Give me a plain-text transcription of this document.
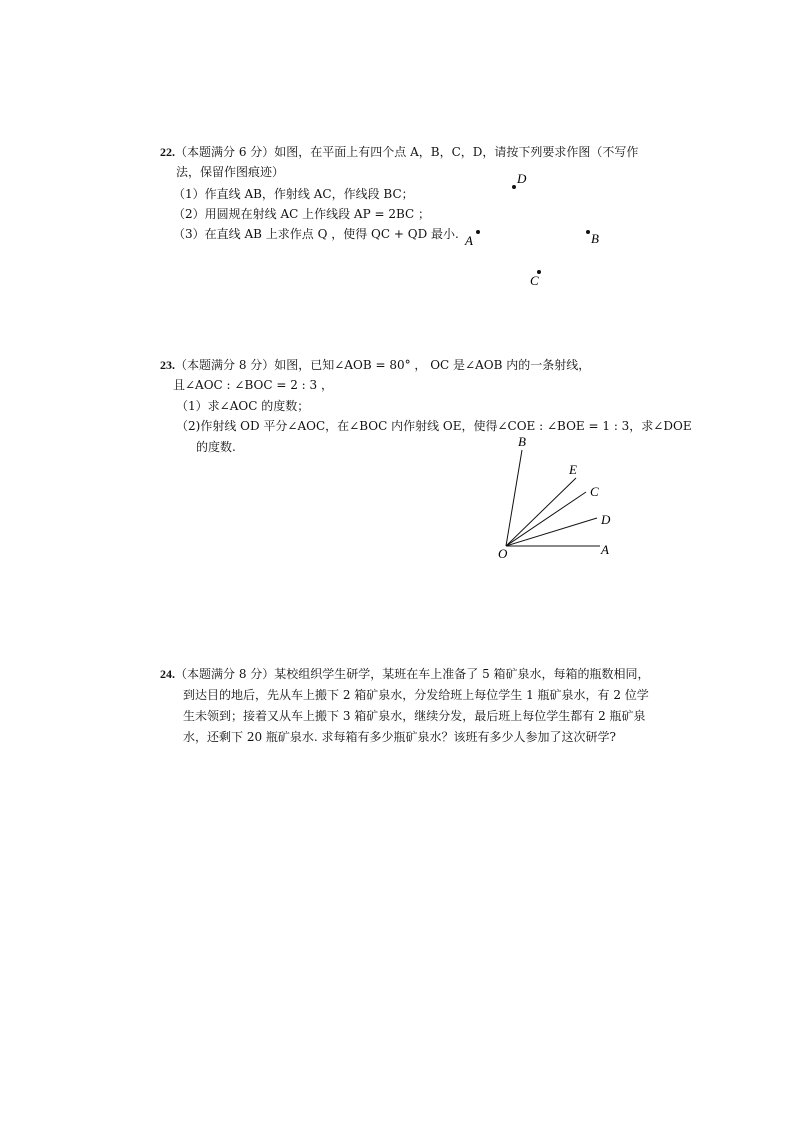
22.（本题满分 6 分）如图，在平面上有四个点 A，B，C，D，请按下列要求作图（不写作
法，保留作图痕迹）
（1）作直线 AB，作射线 AC，作线段 BC；
（2）用圆规在射线 AC 上作线段 AP = 2BC ；
（3）在直线 AB 上求作点 Q ，使得 QC + QD 最小.
D
A	B
C
23.（本题满分 8 分）如图，已知∠AOB = 80° ， OC 是∠AOB 内的一条射线，
且∠AOC : ∠BOC = 2 : 3 ，
（1）求∠AOC 的度数；
（2)作射线 OD 平分∠AOC，在∠BOC 内作射线 OE，使得∠COE : ∠BOE = 1 : 3，求∠DOE
的度数.
O	A
D
C
E
B
24.（本题满分 8 分）某校组织学生研学，某班在车上准备了 5 箱矿泉水，每箱的瓶数相同，
到达目的地后，先从车上搬下 2 箱矿泉水，分发给班上每位学生 1 瓶矿泉水，有 2 位学
生未领到；接着又从车上搬下 3 箱矿泉水，继续分发，最后班上每位学生都有 2 瓶矿泉
水，还剩下 20 瓶矿泉水. 求每箱有多少瓶矿泉水？该班有多少人参加了这次研学?
